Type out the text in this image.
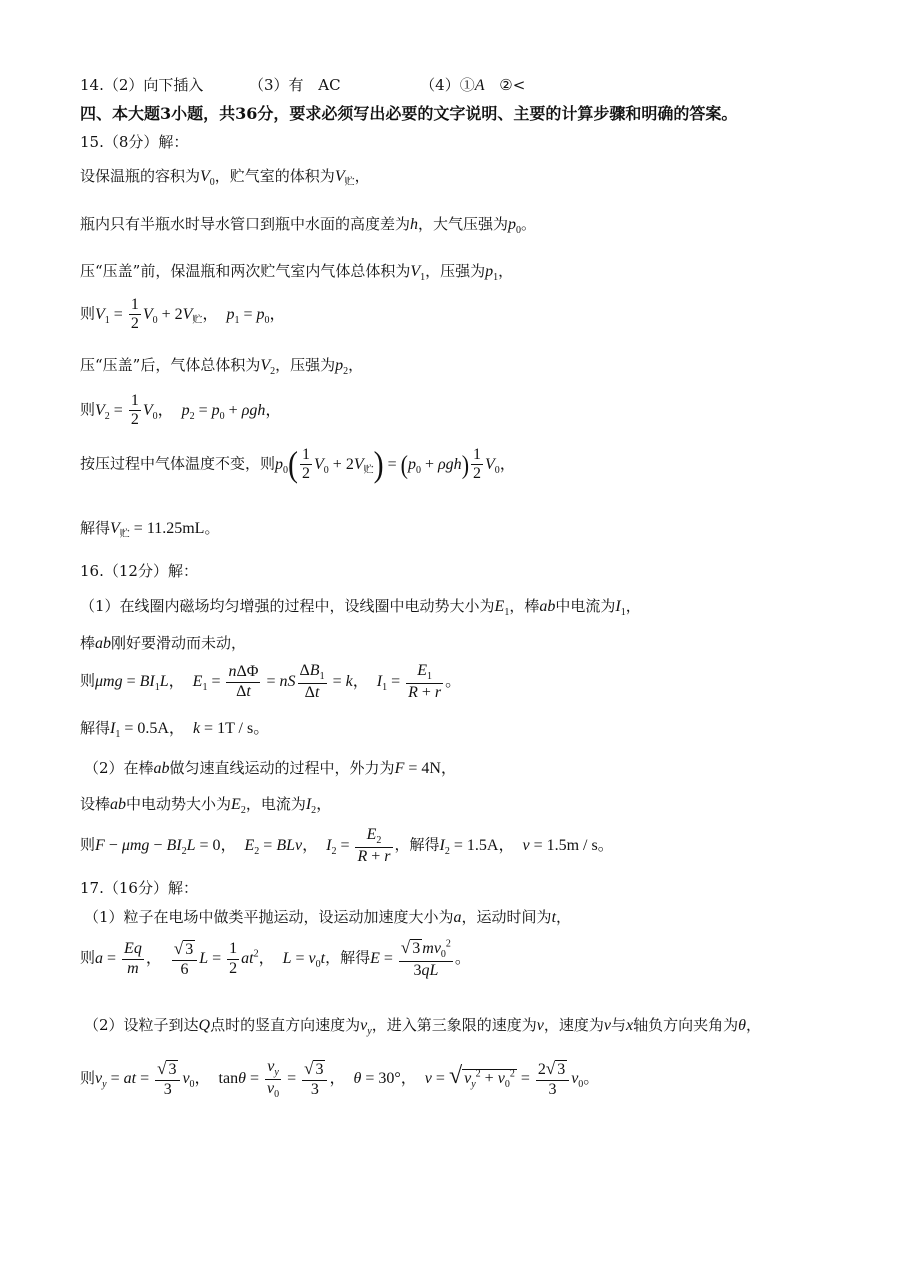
14.（2）向下插入	（3）有 AC	（4）①A ②<
四、本大题3小题，共36分，要求必须写出必要的文字说明、主要的计算步骤和明确的答案。
15.（8分）解：
设保温瓶的容积为$V_0$，贮气室的体积为$V_贮$，
瓶内只有半瓶水时导水管口到瓶中水面的高度差为h，大气压强为$p_0$。
压“压盖”前，保温瓶和两次贮气室内气体总体积为$V_1$，压强为$p_1$，
则$V_1 = \frac{1}{2} V_0 + 2V_贮$，  $p_1 = p_0$，
压“压盖”后，气体总体积为$V_2$，压强为$p_2$，
则$V_2 = \frac{1}{2} V_0$，  $p_2 = p_0 + \rho gh$，
按压过程中气体温度不变，则$p_0( \frac{1}{2} V_0 + 2V_贮) = (p_0 + \rho gh) \frac{1}{2} V_0$，
解得$V_贮 = 11.25mL$。
16.（12分）解：
（1）在线圈内磁场均匀增强的过程中，设线圈中电动势大小为$E_1$，棒ab中电流为$I_1$，
棒ab刚好要滑动而未动，
则$\mu mg = BI_1L$，  $E_1 = \frac{\text{nΔΦ}}{\Delta t}$ = nS $\frac{\Delta B_1}{\Delta t} = k$，  $I_1 = \frac{E_1}{R + r}$ 。
解得$I_1 = 0.5A$，  k = 1T / s。
（2）在棒ab做匀速直线运动的过程中，外力为F = 4N，
设棒ab中电动势大小为$E_2$，电流为$I_2$，
则$F - \mu mg - BI_2L = 0$，  $E_2$ = BLv，  $I_2 = \frac{E_2}{R + r}$ ，解得$I_2 = 1.5A$，  v = 1.5m / s。
17.（16分）解：
（1）粒子在电场中做类平抛运动，设运动加速度大小为a，运动时间为t，
则$a = \frac{Eq}{m}$ ， $\frac{√ 3}{6}$ $L = \frac{1}{2} at^2$，  $L = v_0t$，解得$E = \frac{√ 3 mv_0^2}{3qL}$ 。
（2）设粒子到达Q点时的竖直方向速度为$v_y$，进入第三象限的速度为v，速度为v与x轴负方向夹角为θ，
则$v_y$ = at = $\frac{√ 3}{3} v_0$，  $\tan\theta = \frac{v_y}{v_0} = \frac{√ 3}{3}$ ，  θ = 30°，  v = √ $v_y^2 + v_0^2 = \frac{2√ 3}{3} v_0$。
